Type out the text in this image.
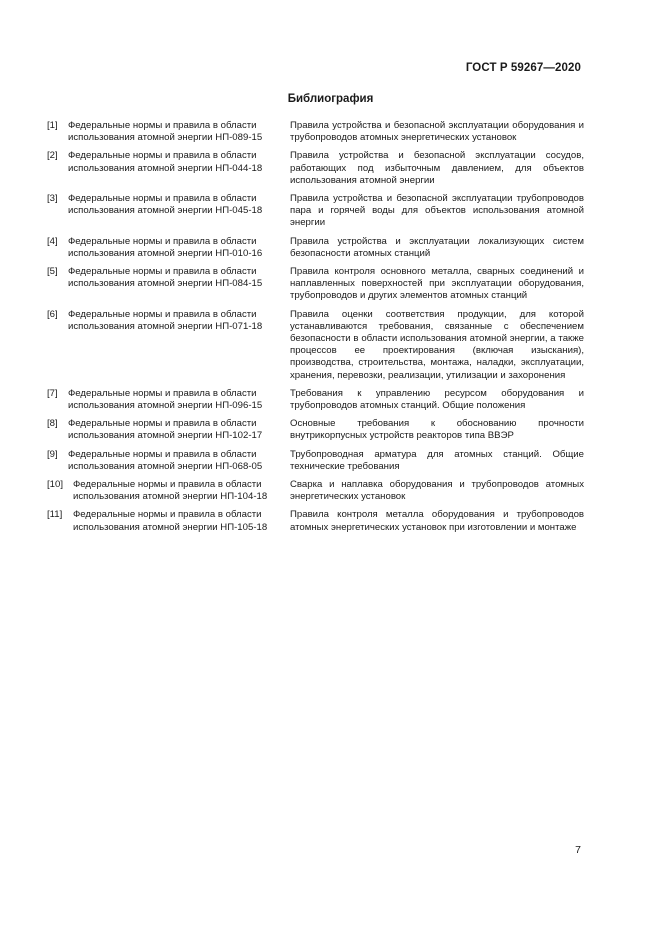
ГОСТ Р 59267—2020
Библиография
[1] Федеральные нормы и правила в области
использования атомной энергии НП-089-15
Правила устройства и безопасной эксплуатации оборудования и трубопроводов атомных энергетических установок
[2] Федеральные нормы и правила в области
использования атомной энергии НП-044-18
Правила устройства и безопасной эксплуатации сосудов, работающих под избыточным давлением, для объектов использования атомной энергии
[3] Федеральные нормы и правила в области
использования атомной энергии НП-045-18
Правила устройства и безопасной эксплуатации трубопроводов пара и горячей воды для объектов использования атомной энергии
[4] Федеральные нормы и правила в области
использования атомной энергии НП-010-16
Правила устройства и эксплуатации локализующих систем безопасности атомных станций
[5] Федеральные нормы и правила в области
использования атомной энергии НП-084-15
Правила контроля основного металла, сварных соединений и наплавленных поверхностей при эксплуатации оборудования, трубопроводов и других элементов атомных станций
[6] Федеральные нормы и правила в области
использования атомной энергии НП-071-18
Правила оценки соответствия продукции, для которой устанавливаются требования, связанные с обеспечением безопасности в области использования атомной энергии, а также процессов ее проектирования (включая изыскания), производства, строительства, монтажа, наладки, эксплуатации, хранения, перевозки, реализации, утилизации и захоронения
[7] Федеральные нормы и правила в области
использования атомной энергии НП-096-15
Требования к управлению ресурсом оборудования и трубопроводов атомных станций. Общие положения
[8] Федеральные нормы и правила в области
использования атомной энергии НП-102-17
Основные требования к обоснованию прочности внутрикорпусных устройств реакторов типа ВВЭР
[9] Федеральные нормы и правила в области
использования атомной энергии НП-068-05
Трубопроводная арматура для атомных станций. Общие технические требования
[10] Федеральные нормы и правила в области
использования атомной энергии НП-104-18
Сварка и наплавка оборудования и трубопроводов атомных энергетических установок
[11] Федеральные нормы и правила в области
использования атомной энергии НП-105-18
Правила контроля металла оборудования и трубопроводов атомных энергетических установок при изготовлении и монтаже
7
